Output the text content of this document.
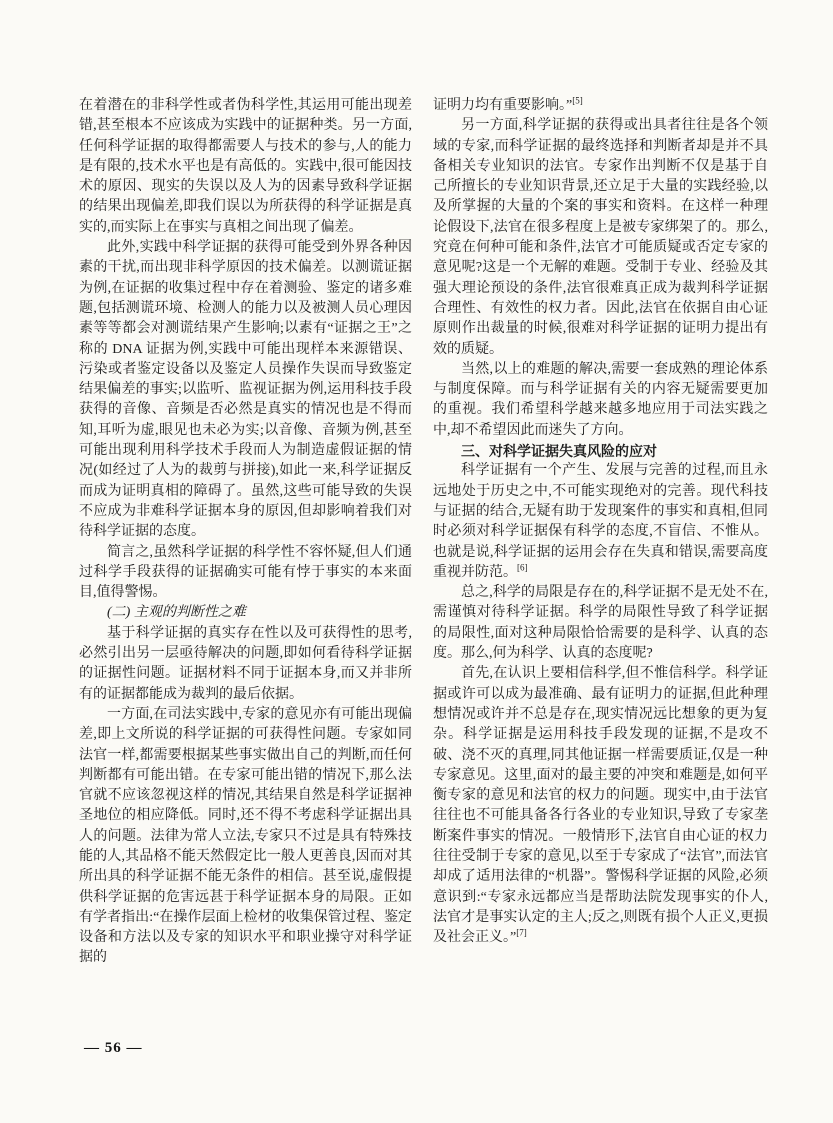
在着潜在的非科学性或者伪科学性,其运用可能出现差错,甚至根本不应该成为实践中的证据种类。另一方面,任何科学证据的取得都需要人与技术的参与,人的能力是有限的,技术水平也是有高低的。实践中,很可能因技术的原因、现实的失误以及人为的因素导致科学证据的结果出现偏差,即我们误以为所获得的科学证据是真实的,而实际上在事实与真相之间出现了偏差。

此外,实践中科学证据的获得可能受到外界各种因素的干扰,而出现非科学原因的技术偏差。以测谎证据为例,在证据的收集过程中存在着测验、鉴定的诸多难题,包括测谎环境、检测人的能力以及被测人员心理因素等等都会对测谎结果产生影响;以素有“证据之王”之称的 DNA 证据为例,实践中可能出现样本来源错误、污染或者鉴定设备以及鉴定人员操作失误而导致鉴定结果偏差的事实;以监听、监视证据为例,运用科技手段获得的音像、音频是否必然是真实的情况也是不得而知,耳听为虚,眼见也未必为实;以音像、音频为例,甚至可能出现利用科学技术手段而人为制造虚假证据的情况(如经过了人为的裁剪与拼接),如此一来,科学证据反而成为证明真相的障碍了。虽然,这些可能导致的失误不应成为非难科学证据本身的原因,但却影响着我们对待科学证据的态度。

简言之,虽然科学证据的科学性不容怀疑,但人们通过科学手段获得的证据确实可能有悖于事实的本来面目,值得警惕。

(二) 主观的判断性之难

基于科学证据的真实存在性以及可获得性的思考,必然引出另一层亟待解决的问题,即如何看待科学证据的证据性问题。证据材料不同于证据本身,而又并非所有的证据都能成为裁判的最后依据。

一方面,在司法实践中,专家的意见亦有可能出现偏差,即上文所说的科学证据的可获得性问题。专家如同法官一样,都需要根据某些事实做出自己的判断,而任何判断都有可能出错。在专家可能出错的情况下,那么法官就不应该忽视这样的情况,其结果自然是科学证据神圣地位的相应降低。同时,还不得不考虑科学证据出具人的问题。法律为常人立法,专家只不过是具有特殊技能的人,其品格不能天然假定比一般人更善良,因而对其所出具的科学证据不能无条件的相信。甚至说,虚假提供科学证据的危害远甚于科学证据本身的局限。正如有学者指出:“在操作层面上检材的收集保管过程、鉴定设备和方法以及专家的知识水平和职业操守对科学证据的

证明力均有重要影响。”[5]

另一方面,科学证据的获得或出具者往往是各个领域的专家,而科学证据的最终选择和判断者却是并不具备相关专业知识的法官。专家作出判断不仅是基于自己所擅长的专业知识背景,还立足于大量的实践经验,以及所掌握的大量的个案的事实和资料。在这样一种理论假设下,法官在很多程度上是被专家绑架了的。那么,究竟在何种可能和条件,法官才可能质疑或否定专家的意见呢?这是一个无解的难题。受制于专业、经验及其强大理论预设的条件,法官很难真正成为裁判科学证据合理性、有效性的权力者。因此,法官在依据自由心证原则作出裁量的时候,很难对科学证据的证明力提出有效的质疑。

当然,以上的难题的解决,需要一套成熟的理论体系与制度保障。而与科学证据有关的内容无疑需要更加的重视。我们希望科学越来越多地应用于司法实践之中,却不希望因此而迷失了方向。

三、对科学证据失真风险的应对

科学证据有一个产生、发展与完善的过程,而且永远地处于历史之中,不可能实现绝对的完善。现代科技与证据的结合,无疑有助于发现案件的事实和真相,但同时必须对科学证据保有科学的态度,不盲信、不惟从。也就是说,科学证据的运用会存在失真和错误,需要高度重视并防范。[6]

总之,科学的局限是存在的,科学证据不是无处不在,需谨慎对待科学证据。科学的局限性导致了科学证据的局限性,面对这种局限恰恰需要的是科学、认真的态度。那么,何为科学、认真的态度呢?

首先,在认识上要相信科学,但不惟信科学。科学证据或许可以成为最准确、最有证明力的证据,但此种理想情况或许并不总是存在,现实情况远比想象的更为复杂。科学证据是运用科技手段发现的证据,不是攻不破、浇不灭的真理,同其他证据一样需要质证,仅是一种专家意见。这里,面对的最主要的冲突和难题是,如何平衡专家的意见和法官的权力的问题。现实中,由于法官往往也不可能具备各行各业的专业知识,导致了专家垄断案件事实的情况。一般情形下,法官自由心证的权力往往受制于专家的意见,以至于专家成了“法官”,而法官却成了适用法律的“机器”。警惕科学证据的风险,必须意识到:“专家永远都应当是帮助法院发现事实的仆人,法官才是事实认定的主人;反之,则既有损个人正义,更损及社会正义。”[7]

— 56 —
